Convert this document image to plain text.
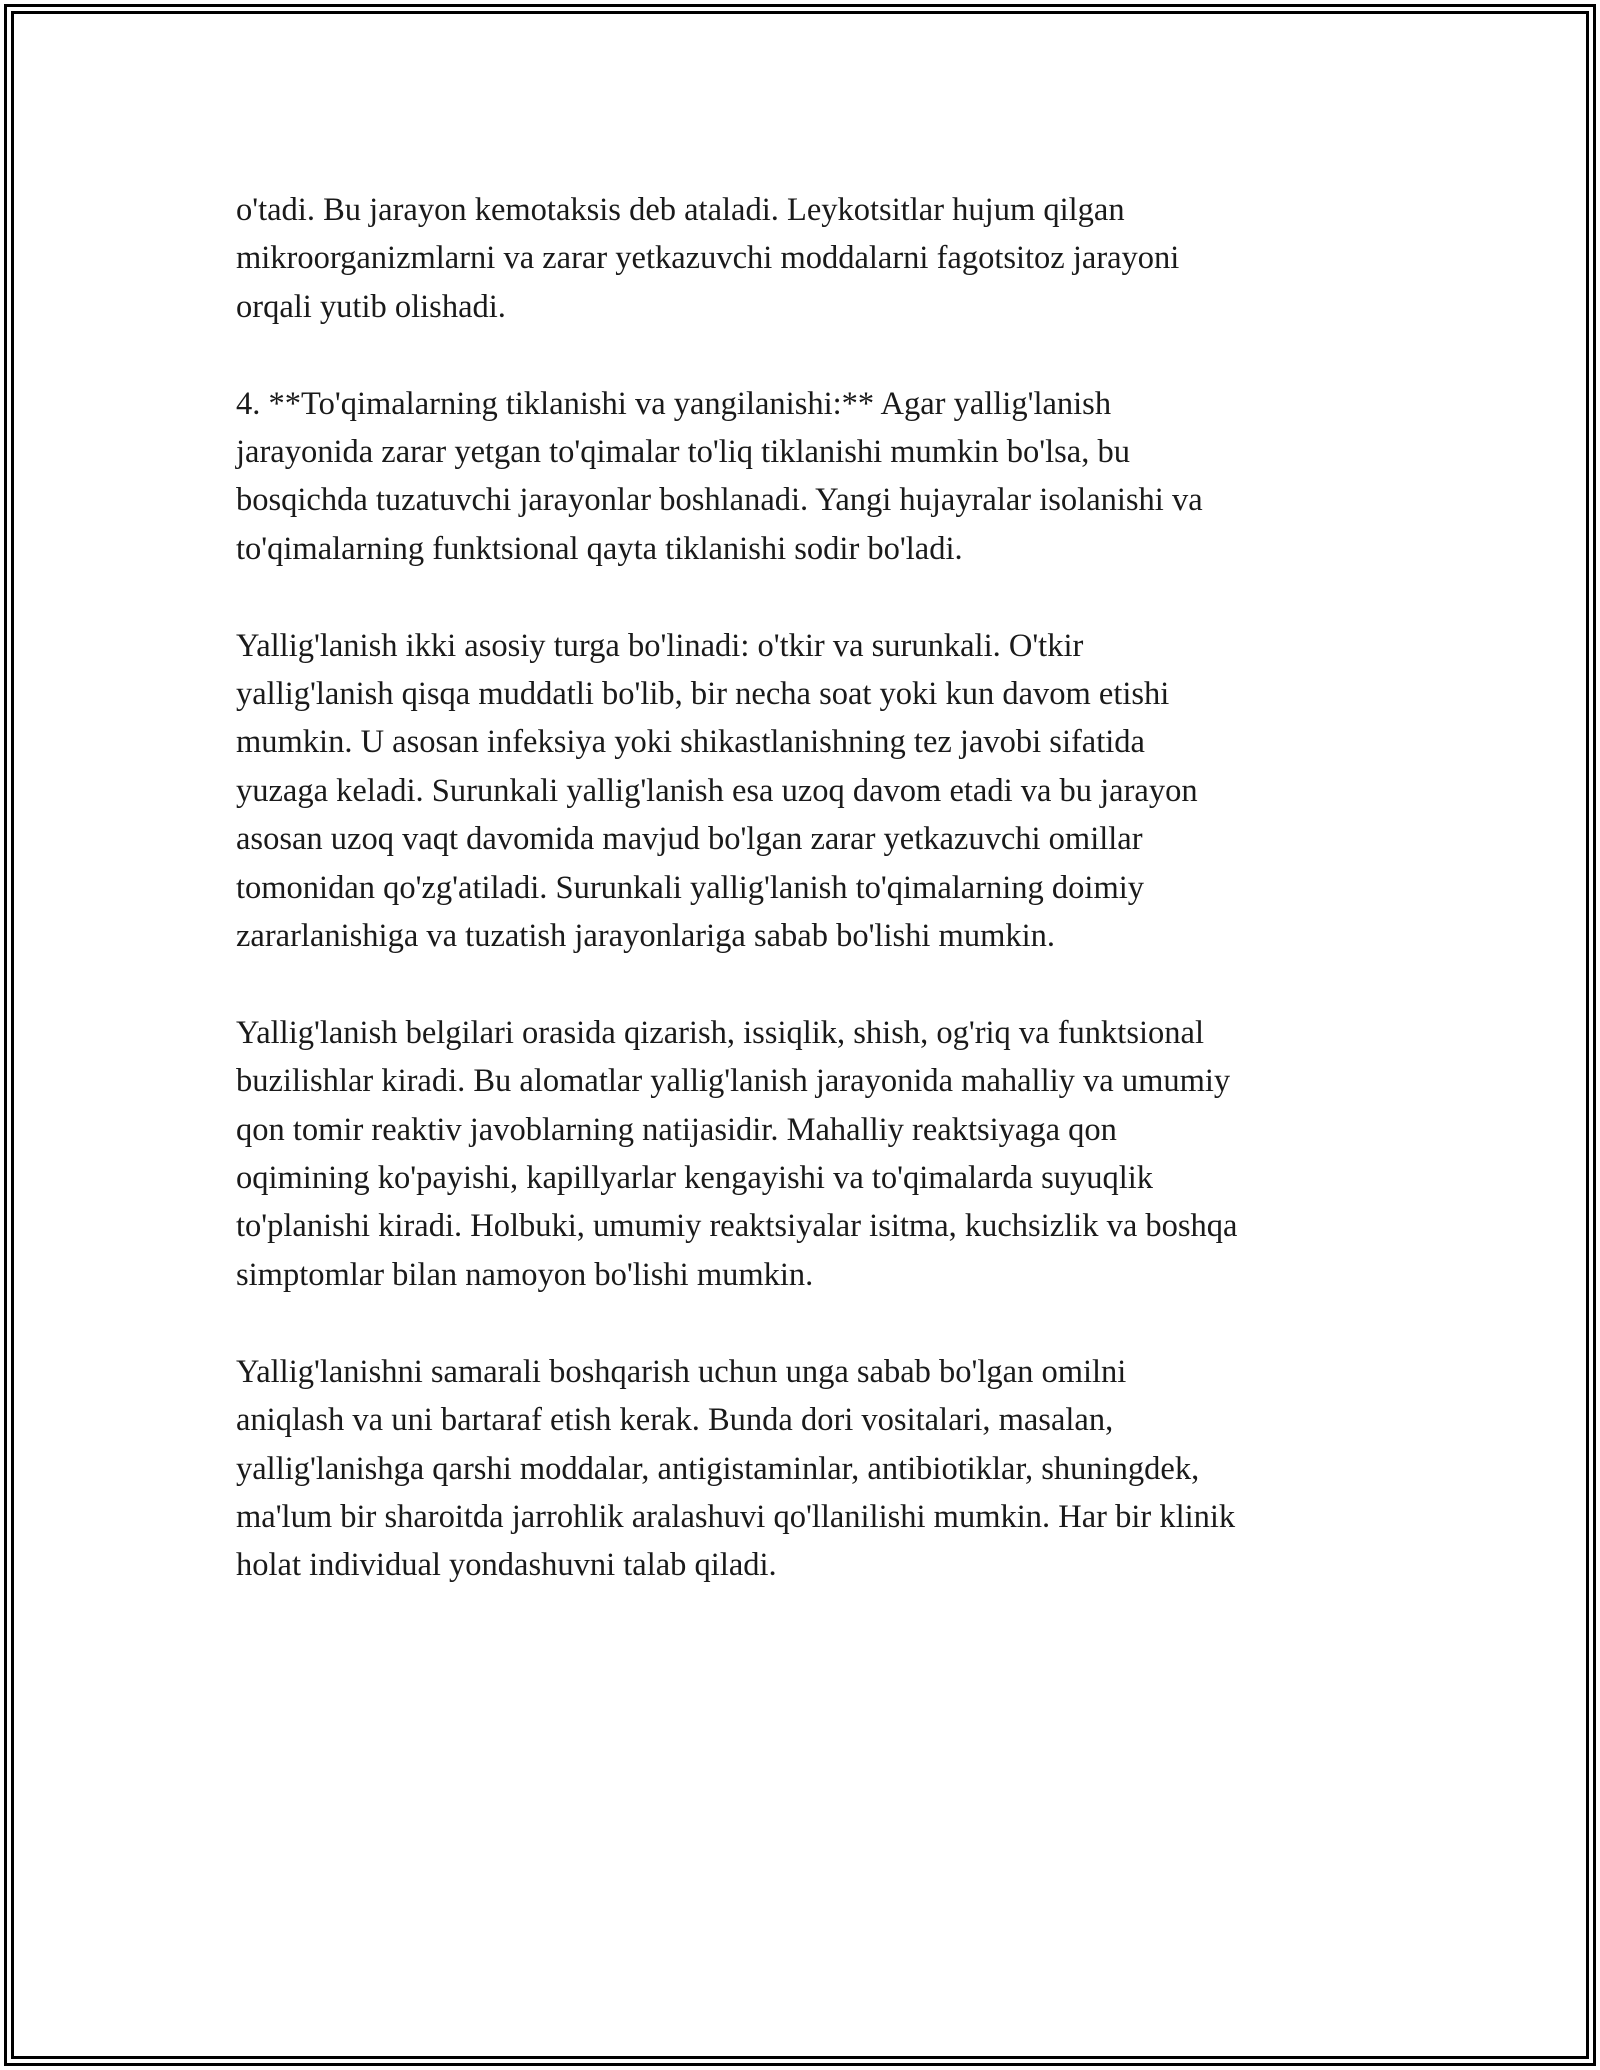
o'tadi. Bu jarayon kemotaksis deb ataladi. Leykotsitlar hujum qilgan
mikroorganizmlarni va zarar yetkazuvchi moddalarni fagotsitoz jarayoni
orqali yutib olishadi.

4. **To'qimalarning tiklanishi va yangilanishi:** Agar yallig'lanish
jarayonida zarar yetgan to'qimalar to'liq tiklanishi mumkin bo'lsa, bu
bosqichda tuzatuvchi jarayonlar boshlanadi. Yangi hujayralar isolanishi va
to'qimalarning funktsional qayta tiklanishi sodir bo'ladi.

Yallig'lanish ikki asosiy turga bo'linadi: o'tkir va surunkali. O'tkir
yallig'lanish qisqa muddatli bo'lib, bir necha soat yoki kun davom etishi
mumkin. U asosan infeksiya yoki shikastlanishning tez javobi sifatida
yuzaga keladi. Surunkali yallig'lanish esa uzoq davom etadi va bu jarayon
asosan uzoq vaqt davomida mavjud bo'lgan zarar yetkazuvchi omillar
tomonidan qo'zg'atiladi. Surunkali yallig'lanish to'qimalarning doimiy
zararlanishiga va tuzatish jarayonlariga sabab bo'lishi mumkin.

Yallig'lanish belgilari orasida qizarish, issiqlik, shish, og'riq va funktsional
buzilishlar kiradi. Bu alomatlar yallig'lanish jarayonida mahalliy va umumiy
qon tomir reaktiv javoblarning natijasidir. Mahalliy reaktsiyaga qon
oqimining ko'payishi, kapillyarlar kengayishi va to'qimalarda suyuqlik
to'planishi kiradi. Holbuki, umumiy reaktsiyalar isitma, kuchsizlik va boshqa
simptomlar bilan namoyon bo'lishi mumkin.

Yallig'lanishni samarali boshqarish uchun unga sabab bo'lgan omilni
aniqlash va uni bartaraf etish kerak. Bunda dori vositalari, masalan,
yallig'lanishga qarshi moddalar, antigistaminlar, antibiotiklar, shuningdek,
ma'lum bir sharoitda jarrohlik aralashuvi qo'llanilishi mumkin. Har bir klinik
holat individual yondashuvni talab qiladi.
